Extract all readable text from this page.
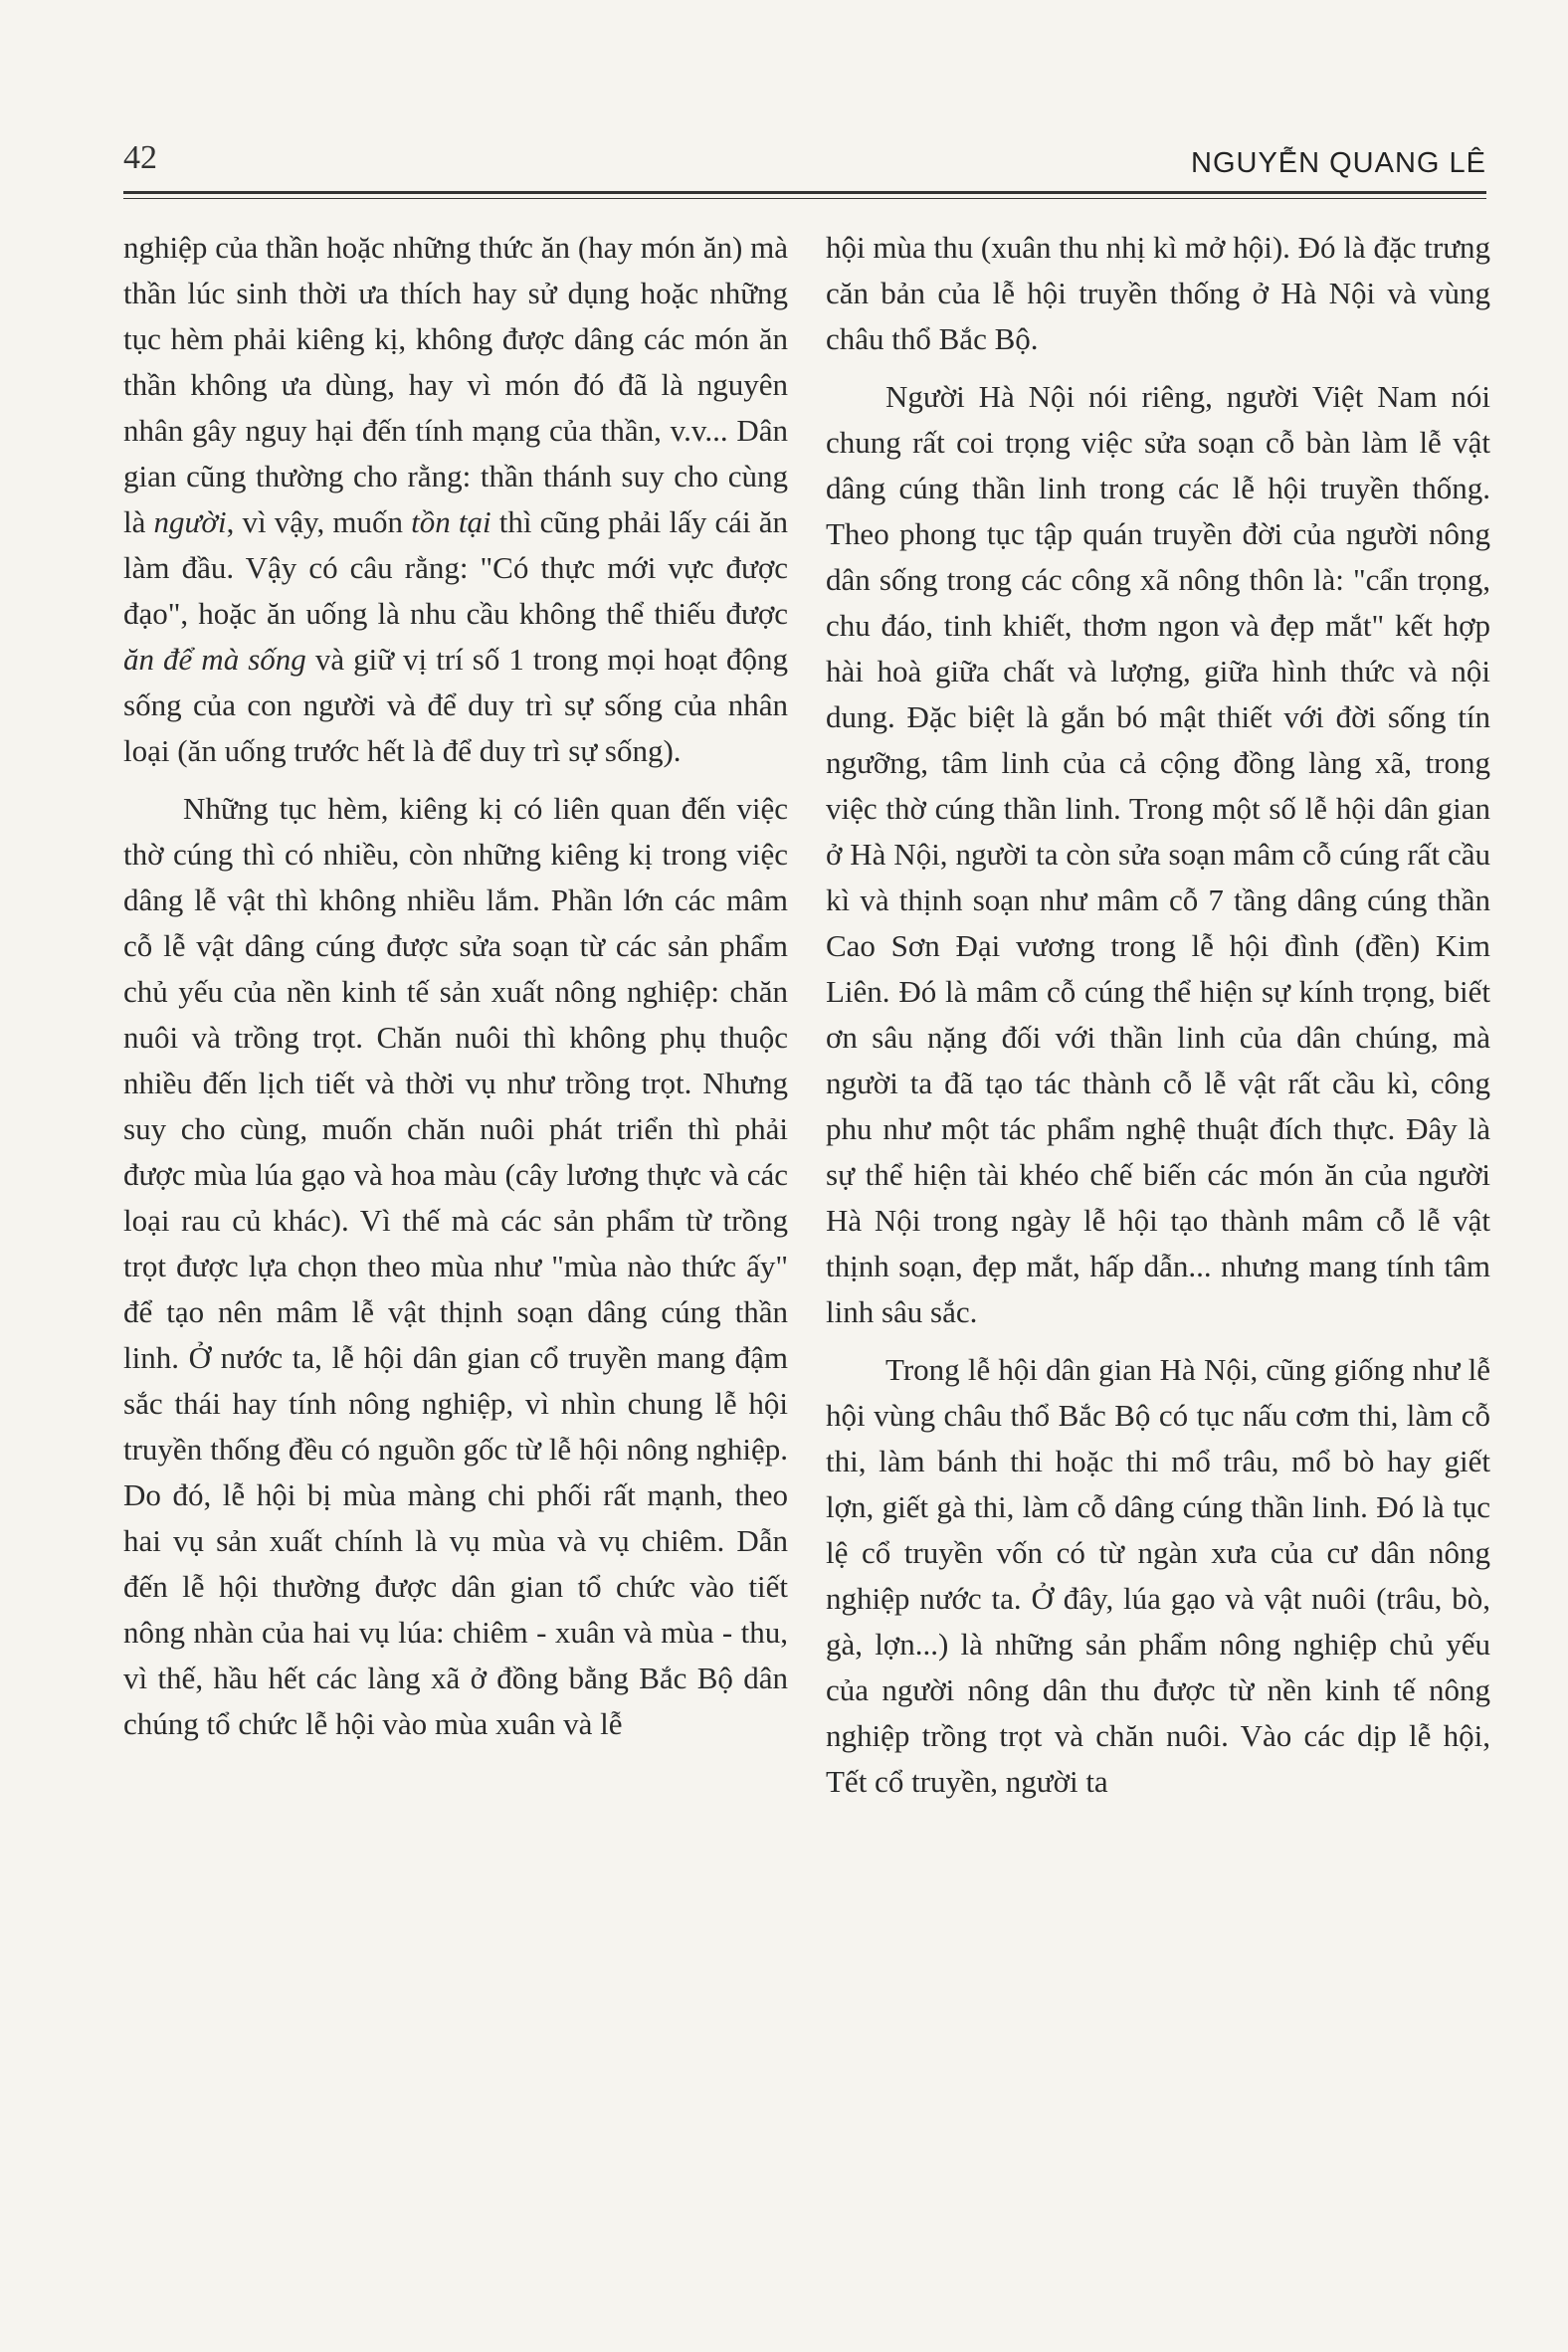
42	NGUYỄN QUANG LÊ

nghiệp của thần hoặc những thức ăn (hay món ăn) mà thần lúc sinh thời ưa thích hay sử dụng hoặc những tục hèm phải kiêng kị, không được dâng các món ăn thần không ưa dùng, hay vì món đó đã là nguyên nhân gây nguy hại đến tính mạng của thần, v.v... Dân gian cũng thường cho rằng: thần thánh suy cho cùng là người, vì vậy, muốn tồn tại thì cũng phải lấy cái ăn làm đầu. Vậy có câu rằng: "Có thực mới vực được đạo", hoặc ăn uống là nhu cầu không thể thiếu được ăn để mà sống và giữ vị trí số 1 trong mọi hoạt động sống của con người và để duy trì sự sống của nhân loại (ăn uống trước hết là để duy trì sự sống).

Những tục hèm, kiêng kị có liên quan đến việc thờ cúng thì có nhiều, còn những kiêng kị trong việc dâng lễ vật thì không nhiều lắm. Phần lớn các mâm cỗ lễ vật dâng cúng được sửa soạn từ các sản phẩm chủ yếu của nền kinh tế sản xuất nông nghiệp: chăn nuôi và trồng trọt. Chăn nuôi thì không phụ thuộc nhiều đến lịch tiết và thời vụ như trồng trọt. Nhưng suy cho cùng, muốn chăn nuôi phát triển thì phải được mùa lúa gạo và hoa màu (cây lương thực và các loại rau củ khác). Vì thế mà các sản phẩm từ trồng trọt được lựa chọn theo mùa như "mùa nào thức ấy" để tạo nên mâm lễ vật thịnh soạn dâng cúng thần linh. Ở nước ta, lễ hội dân gian cổ truyền mang đậm sắc thái hay tính nông nghiệp, vì nhìn chung lễ hội truyền thống đều có nguồn gốc từ lễ hội nông nghiệp. Do đó, lễ hội bị mùa màng chi phối rất mạnh, theo hai vụ sản xuất chính là vụ mùa và vụ chiêm. Dẫn đến lễ hội thường được dân gian tổ chức vào tiết nông nhàn của hai vụ lúa: chiêm - xuân và mùa - thu, vì thế, hầu hết các làng xã ở đồng bằng Bắc Bộ dân chúng tổ chức lễ hội vào mùa xuân và lễ

hội mùa thu (xuân thu nhị kì mở hội). Đó là đặc trưng căn bản của lễ hội truyền thống ở Hà Nội và vùng châu thổ Bắc Bộ.

Người Hà Nội nói riêng, người Việt Nam nói chung rất coi trọng việc sửa soạn cỗ bàn làm lễ vật dâng cúng thần linh trong các lễ hội truyền thống. Theo phong tục tập quán truyền đời của người nông dân sống trong các công xã nông thôn là: "cẩn trọng, chu đáo, tinh khiết, thơm ngon và đẹp mắt" kết hợp hài hoà giữa chất và lượng, giữa hình thức và nội dung. Đặc biệt là gắn bó mật thiết với đời sống tín ngưỡng, tâm linh của cả cộng đồng làng xã, trong việc thờ cúng thần linh. Trong một số lễ hội dân gian ở Hà Nội, người ta còn sửa soạn mâm cỗ cúng rất cầu kì và thịnh soạn như mâm cỗ 7 tầng dâng cúng thần Cao Sơn Đại vương trong lễ hội đình (đền) Kim Liên. Đó là mâm cỗ cúng thể hiện sự kính trọng, biết ơn sâu nặng đối với thần linh của dân chúng, mà người ta đã tạo tác thành cỗ lễ vật rất cầu kì, công phu như một tác phẩm nghệ thuật đích thực. Đây là sự thể hiện tài khéo chế biến các món ăn của người Hà Nội trong ngày lễ hội tạo thành mâm cỗ lễ vật thịnh soạn, đẹp mắt, hấp dẫn... nhưng mang tính tâm linh sâu sắc.

Trong lễ hội dân gian Hà Nội, cũng giống như lễ hội vùng châu thổ Bắc Bộ có tục nấu cơm thi, làm cỗ thi, làm bánh thi hoặc thi mổ trâu, mổ bò hay giết lợn, giết gà thi, làm cỗ dâng cúng thần linh. Đó là tục lệ cổ truyền vốn có từ ngàn xưa của cư dân nông nghiệp nước ta. Ở đây, lúa gạo và vật nuôi (trâu, bò, gà, lợn...) là những sản phẩm nông nghiệp chủ yếu của người nông dân thu được từ nền kinh tế nông nghiệp trồng trọt và chăn nuôi. Vào các dịp lễ hội, Tết cổ truyền, người ta
